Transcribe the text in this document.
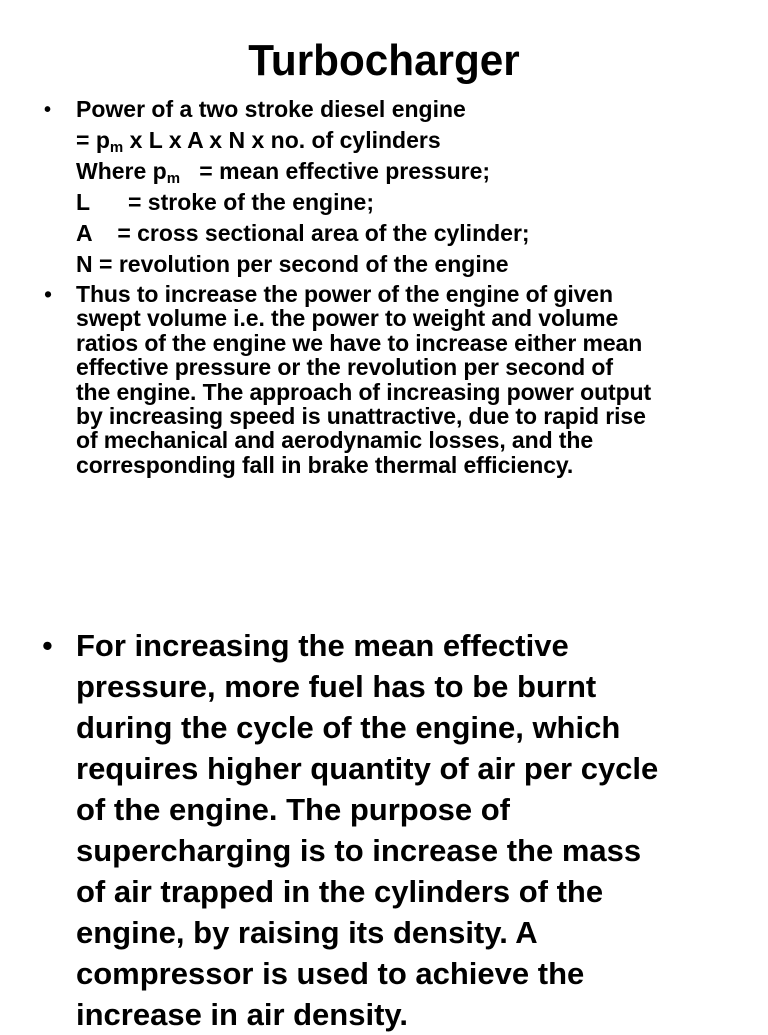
Turbocharger
• Power of a two stroke diesel engine
= $p_m$ x L x A x N x no. of cylinders
Where $p_m$   = mean effective pressure;
L      = stroke of the engine;
A    = cross sectional area of the cylinder;
N = revolution per second of the engine
• Thus to increase the power of the engine of given
swept volume i.e. the power to weight and volume
ratios of the engine we have to increase either mean
effective pressure or the revolution per second of
the engine. The approach of increasing power output
by increasing speed is unattractive, due to rapid rise
of mechanical and aerodynamic losses, and the
corresponding fall in brake thermal efficiency.
• For increasing the mean effective
pressure, more fuel has to be burnt
during the cycle of the engine, which
requires higher quantity of air per cycle
of the engine. The purpose of
supercharging is to increase the mass
of air trapped in the cylinders of the
engine, by raising its density. A
compressor is used to achieve the
increase in air density.
